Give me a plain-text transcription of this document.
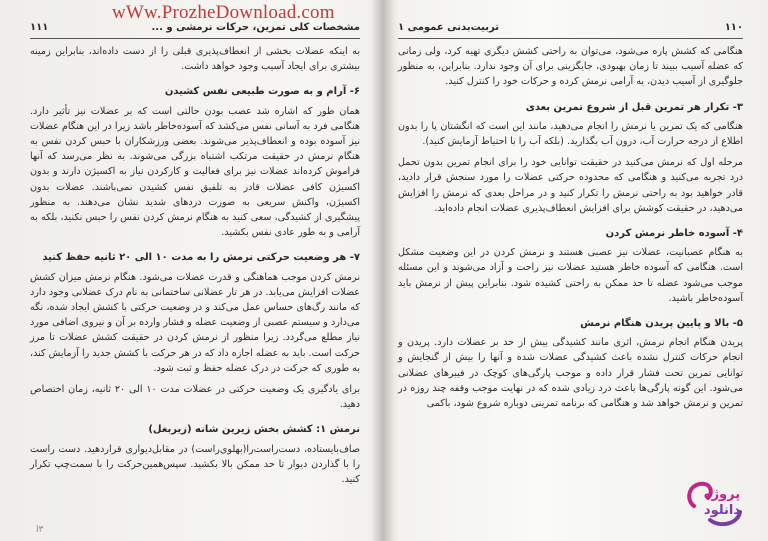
wWw.ProzheDownload.com
۱۱۱	مشخصات کلی تمرین، حرکات نرمشی و ...

به اینکه عضلات بخشی از انعطاف‌پذیری قبلی را از دست داده‌اند، بنابراین زمینه بیشتری برای ایجاد آسیب وجود خواهد داشت.

۶- آرام و به صورت طبیعی نفس کشیدن

همان طور که اشاره شد عصب بودن حالتی است که بر عضلات نیز تأثیر دارد. هنگامی فرد به آسانی نفس می‌کشد که آسوده‌خاطر باشد زیرا در این هنگام عضلات نیز آسوده بوده و انعطاف‌پذیر می‌شوند. بعضی ورزشکاران با حبس کردن نفس به هنگام نرمش در حقیقت مرتکب اشتباه بزرگی می‌شوند. به نظر می‌رسد که آنها فراموش کرده‌اند عضلات نیز برای فعالیت و کارکردن نیاز به اکسیژن دارند و بدون اکسیژن کافی عضلات قادر به تلفیق نفس کشیدن نمی‌باشند. عضلات بدون اکسیژن، واکنش سریعی به صورت دردهای شدید نشان می‌دهند. به منظور پیشگیری از کشیدگی، سعی کنید به هنگام نرمش کردن نفس را حبس نکنید، بلکه به آرامی و به طور عادی نفس بکشید.

۷- هر وضعیت حرکتی نرمش را به مدت ۱۰ الی ۲۰ ثانیه حفظ کنید

نرمش کردن موجب هماهنگی و قدرت عضلات می‌شود. هنگام نرمش میزان کشش عضلات افزایش می‌یابد. در هر تار عضلانی ساختمانی به نام درک عضلانی وجود دارد که مانند رگ‌های حساس عمل می‌کند و در وضعیت حرکتی با کشش ایجاد شده، نگه می‌دارد و سیستم عصبی از وضعیت عضله و فشار وارده بر آن و نیروی اضافی مورد نیاز مطلع می‌گردد. زیرا منظور از نرمش کردن در حقیقت کشش عضلات تا مرز حرکت است. باید به عضله اجازه داد که در هر حرکت با کشش جدید را آزمایش کند، به طوری که حرکت در درک عضله حفظ و ثبت شود.

برای یادگیری یک وضعیت حرکتی در عضلات مدت ۱۰ الی ۲۰ ثانیه، زمان اختصاص دهید.

نرمش ۱: کشش بخش زیرین شانه (زیربغل)

صاف‌بایستاده، دست‌راست‌را(بهلوی‌راست) در مقابل‌دیواری قراردهید. دست راست را با گذاردن دیوار تا حد ممکن بالا بکشید. سپس‌همین‌حرکت را با سمت‌چپ تکرار کنید.

۳ا
۱۱۰
تربیت‌بدنی عمومی ۱

هنگامی که کشش پاره می‌شود، می‌توان به راحتی کشش دیگری تهیه کرد، ولی زمانی که عضله آسیب ببیند تا زمان بهبودی، جایگزینی برای آن وجود ندارد. بنابراین، به منظور جلوگیری از آسیب دیدن، به آرامی نرمش کرده و حرکات خود را کنترل کنید.

۳- تکرار هر تمرین قبل از شروع تمرین بعدی

هنگامی که یک تمرین یا نرمش را انجام می‌دهید، مانند این است که انگشتان پا را بدون اطلاع از درجه حرارت آب، درون آب بگذارید. (بلکه آب را با احتیاط آزمایش کنید).

مرحله اول که نرمش می‌کنید در حقیقت توانایی خود را برای انجام تمرین بدون تحمل درد تجربه می‌کنید و هنگامی که محدوده حرکتی عضلات را مورد سنجش قرار دادید، قادر خواهید بود به راحتی نرمش را تکرار کنید و در مراحل بعدی که نرمش را افزایش می‌دهید، در حقیقت کوشش برای افزایش انعطاف‌پذیری عضلات انجام داده‌اید.

۴- آسوده خاطر نرمش کردن

به هنگام عصبانیت، عضلات نیز عصبی هستند و نرمش کردن در این وضعیت مشکل است. هنگامی که آسوده خاطر هستید عضلات نیز راحت و آزاد می‌شوند و این مسئله موجب می‌شود عضله تا حد ممکن به راحتی کشیده شود. بنابراین پیش از نرمش باید آسوده‌خاطر باشید.

۵- بالا و پایین پریدن هنگام نرمش

پریدن هنگام انجام نرمش، اثری مانند کشیدگی بیش از حد بر عضلات دارد. پریدن و انجام حرکات کنترل نشده باعث کشیدگی عضلات شده و آنها را بیش از گنجایش و توانایی تمرین تحت فشار قرار داده و موجب پارگی‌های کوچک در فیبرهای عضلانی می‌شود. این گونه پارگی‌ها باعث درد زیادی شده که در نهایت موجب وقفه چند روزه در تمرین و نرمش خواهد شد و هنگامی که برنامه تمرینی دوباره شروع شود، باکمی

پروژه
دانلود
